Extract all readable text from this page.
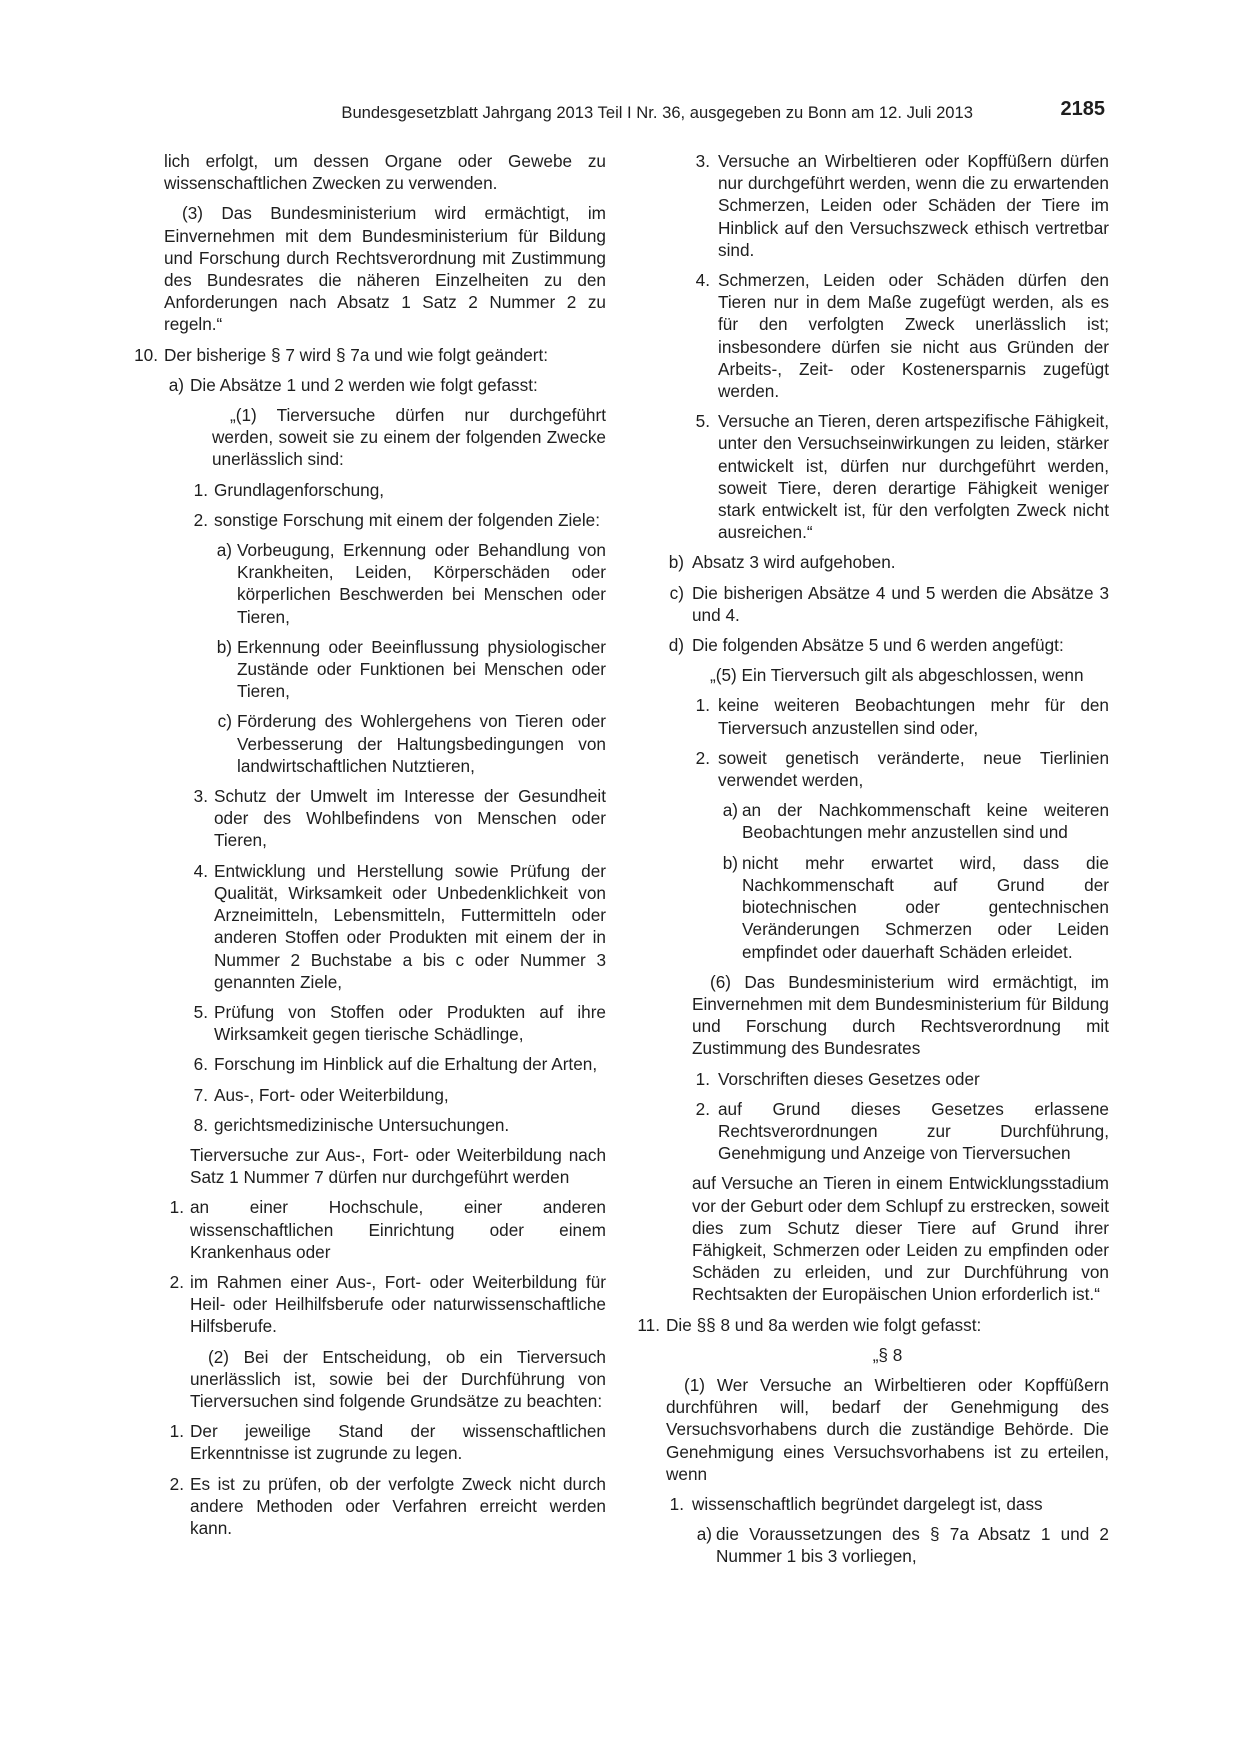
Bundesgesetzblatt Jahrgang 2013 Teil I Nr. 36, ausgegeben zu Bonn am 12. Juli 2013	2185

lich erfolgt, um dessen Organe oder Gewebe zu wissenschaftlichen Zwecken zu verwenden.

(3) Das Bundesministerium wird ermächtigt, im Einvernehmen mit dem Bundesministerium für Bildung und Forschung durch Rechtsverordnung mit Zustimmung des Bundesrates die näheren Einzelheiten zu den Anforderungen nach Absatz 1 Satz 2 Nummer 2 zu regeln.“

10. Der bisherige § 7 wird § 7a und wie folgt geändert:
a) Die Absätze 1 und 2 werden wie folgt gefasst:

„(1) Tierversuche dürfen nur durchgeführt werden, soweit sie zu einem der folgenden Zwecke unerlässlich sind:

1. Grundlagenforschung,
2. sonstige Forschung mit einem der folgenden Ziele:
a) Vorbeugung, Erkennung oder Behandlung von Krankheiten, Leiden, Körperschäden oder körperlichen Beschwerden bei Menschen oder Tieren,
b) Erkennung oder Beeinflussung physiologischer Zustände oder Funktionen bei Menschen oder Tieren,
c) Förderung des Wohlergehens von Tieren oder Verbesserung der Haltungsbedingungen von landwirtschaftlichen Nutztieren,
3. Schutz der Umwelt im Interesse der Gesundheit oder des Wohlbefindens von Menschen oder Tieren,
4. Entwicklung und Herstellung sowie Prüfung der Qualität, Wirksamkeit oder Unbedenklichkeit von Arzneimitteln, Lebensmitteln, Futtermitteln oder anderen Stoffen oder Produkten mit einem der in Nummer 2 Buchstabe a bis c oder Nummer 3 genannten Ziele,
5. Prüfung von Stoffen oder Produkten auf ihre Wirksamkeit gegen tierische Schädlinge,
6. Forschung im Hinblick auf die Erhaltung der Arten,
7. Aus-, Fort- oder Weiterbildung,
8. gerichtsmedizinische Untersuchungen.

Tierversuche zur Aus-, Fort- oder Weiterbildung nach Satz 1 Nummer 7 dürfen nur durchgeführt werden

1. an einer Hochschule, einer anderen wissenschaftlichen Einrichtung oder einem Krankenhaus oder
2. im Rahmen einer Aus-, Fort- oder Weiterbildung für Heil- oder Heilhilfsberufe oder naturwissenschaftliche Hilfsberufe.

(2) Bei der Entscheidung, ob ein Tierversuch unerlässlich ist, sowie bei der Durchführung von Tierversuchen sind folgende Grundsätze zu beachten:

1. Der jeweilige Stand der wissenschaftlichen Erkenntnisse ist zugrunde zu legen.
2. Es ist zu prüfen, ob der verfolgte Zweck nicht durch andere Methoden oder Verfahren erreicht werden kann.
3. Versuche an Wirbeltieren oder Kopffüßern dürfen nur durchgeführt werden, wenn die zu erwartenden Schmerzen, Leiden oder Schäden der Tiere im Hinblick auf den Versuchszweck ethisch vertretbar sind.
4. Schmerzen, Leiden oder Schäden dürfen den Tieren nur in dem Maße zugefügt werden, als es für den verfolgten Zweck unerlässlich ist; insbesondere dürfen sie nicht aus Gründen der Arbeits-, Zeit- oder Kostenersparnis zugefügt werden.
5. Versuche an Tieren, deren artspezifische Fähigkeit, unter den Versuchseinwirkungen zu leiden, stärker entwickelt ist, dürfen nur durchgeführt werden, soweit Tiere, deren derartige Fähigkeit weniger stark entwickelt ist, für den verfolgten Zweck nicht ausreichen.“
b) Absatz 3 wird aufgehoben.
c) Die bisherigen Absätze 4 und 5 werden die Absätze 3 und 4.
d) Die folgenden Absätze 5 und 6 werden angefügt:

„(5) Ein Tierversuch gilt als abgeschlossen, wenn

1. keine weiteren Beobachtungen mehr für den Tierversuch anzustellen sind oder,
2. soweit genetisch veränderte, neue Tierlinien verwendet werden,
a) an der Nachkommenschaft keine weiteren Beobachtungen mehr anzustellen sind und
b) nicht mehr erwartet wird, dass die Nachkommenschaft auf Grund der biotechnischen oder gentechnischen Veränderungen Schmerzen oder Leiden empfindet oder dauerhaft Schäden erleidet.

(6) Das Bundesministerium wird ermächtigt, im Einvernehmen mit dem Bundesministerium für Bildung und Forschung durch Rechtsverordnung mit Zustimmung des Bundesrates

1. Vorschriften dieses Gesetzes oder
2. auf Grund dieses Gesetzes erlassene Rechtsverordnungen zur Durchführung, Genehmigung und Anzeige von Tierversuchen

auf Versuche an Tieren in einem Entwicklungsstadium vor der Geburt oder dem Schlupf zu erstrecken, soweit dies zum Schutz dieser Tiere auf Grund ihrer Fähigkeit, Schmerzen oder Leiden zu empfinden oder Schäden zu erleiden, und zur Durchführung von Rechtsakten der Europäischen Union erforderlich ist.“

11. Die §§ 8 und 8a werden wie folgt gefasst:

„§ 8

(1) Wer Versuche an Wirbeltieren oder Kopffüßern durchführen will, bedarf der Genehmigung des Versuchsvorhabens durch die zuständige Behörde. Die Genehmigung eines Versuchsvorhabens ist zu erteilen, wenn

1. wissenschaftlich begründet dargelegt ist, dass
a) die Voraussetzungen des § 7a Absatz 1 und 2 Nummer 1 bis 3 vorliegen,
